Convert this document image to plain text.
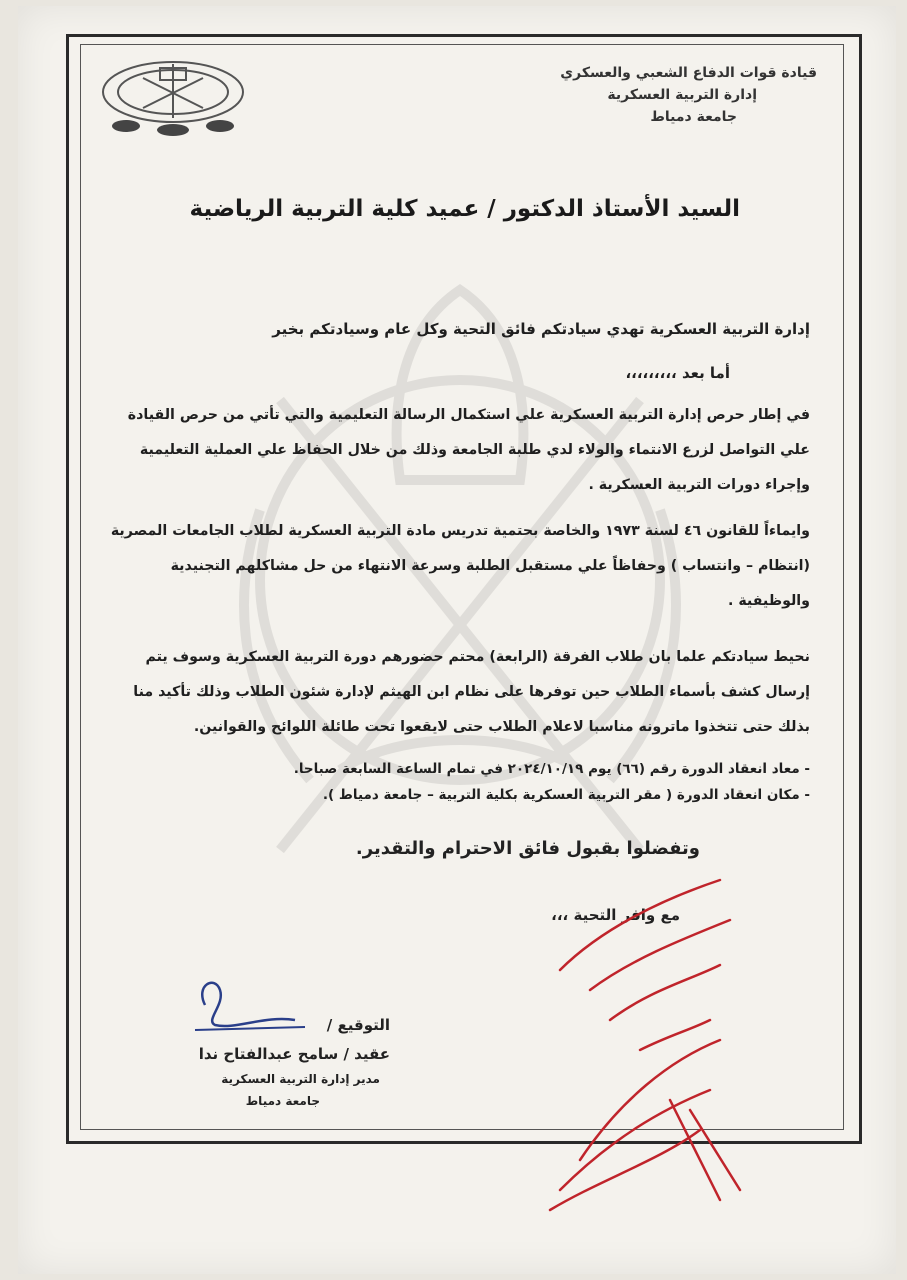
قيادة قوات الدفاع الشعبي والعسكري
إدارة التربية العسكرية
جامعة دمياط
السيد الأستاذ الدكتور / عميد كلية التربية الرياضية
إدارة التربية العسكرية تهدي سيادتكم فائق التحية وكل عام وسيادتكم بخير
أما بعد ،،،،،،،،،
في إطار حرص إدارة التربية العسكرية علي استكمال الرسالة التعليمية والتي تأتي من حرص القيادة علي التواصل لزرع الانتماء والولاء لدي طلبة الجامعة وذلك من خلال الحفاظ علي العملية التعليمية وإجراء دورات التربية العسكرية .
وايماءاً للقانون ٤٦ لسنة ١٩٧٣ والخاصة بحتمية تدريس مادة التربية العسكرية لطلاب الجامعات المصرية (انتظام – وانتساب ) وحفاظاً علي مستقبل الطلبة وسرعة الانتهاء من حل مشاكلهم التجنيدية والوظيفية .
نحيط سيادتكم علما بان طلاب الفرقة (الرابعة) محتم حضورهم دورة التربية العسكرية وسوف يتم إرسال كشف بأسماء الطلاب حين توفرها على نظام ابن الهيثم لإدارة شئون الطلاب وذلك تأكيد منا بذلك حتى تتخذوا ماترونه مناسبا لاعلام الطلاب حتى لايقعوا تحت طائلة اللوائح والقوانين.
- معاد انعقاد الدورة رقم (٦٦) يوم ٢٠٢٤/١٠/١٩ في تمام الساعة السابعة صباحا.
- مكان انعقاد الدورة ( مقر التربية العسكرية بكلية التربية – جامعة دمياط ).
وتفضلوا بقبول فائق الاحترام والتقدير.
مع وافر التحية ،،،
التوقيع /
عقيد / سامح عبدالفتاح ندا
مدير إدارة التربية العسكرية
جامعة دمياط
